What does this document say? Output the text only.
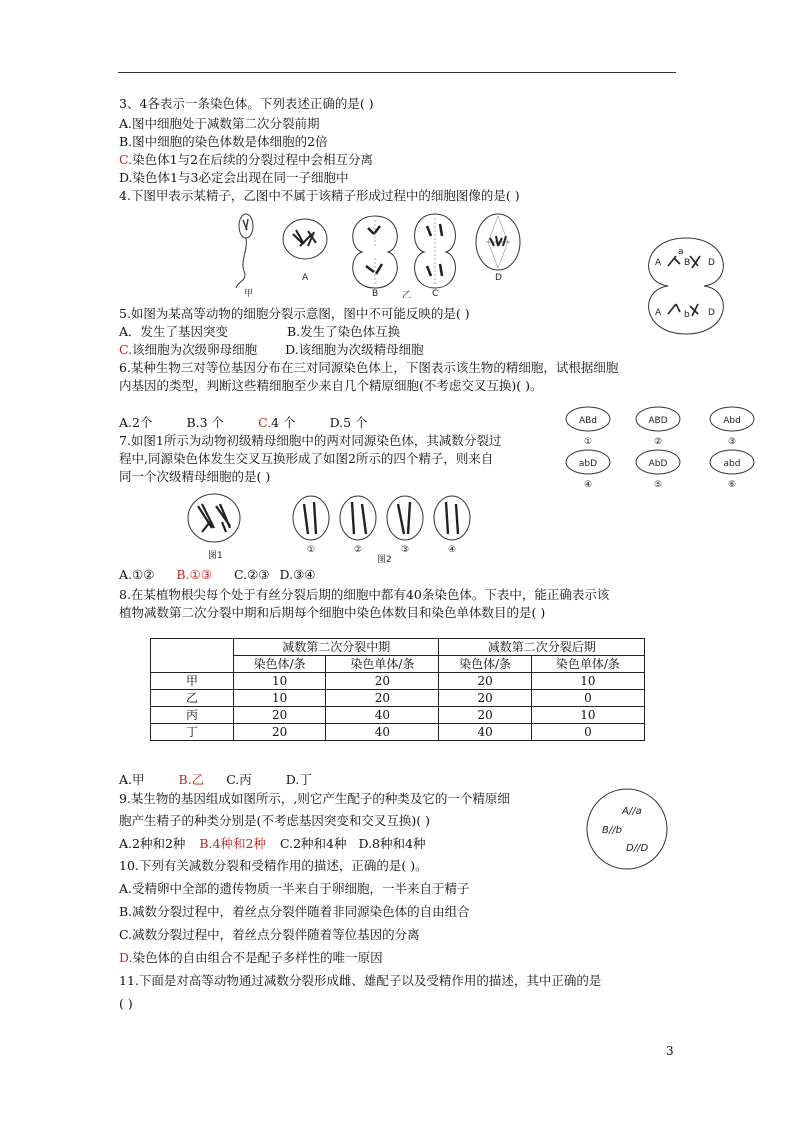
3、4各表示一条染色体。下列表述正确的是( )
A.图中细胞处于减数第二次分裂前期
B.图中细胞的染色体数是体细胞的2倍
C.染色体1与2在后续的分裂过程中会相互分离
D.染色体1与3必定会出现在同一子细胞中
4.下图甲表示某精子，乙图中不属于该精子形成过程中的细胞图像的是( )
甲
A
B	乙 C
D
A
a
B D
A	b D
5.如图为某高等动物的细胞分裂示意图，图中不可能反映的是( )
A．发生了基因突变	B.发生了染色体互换
C.该细胞为次级卵母细胞 D.该细胞为次级精母细胞
6.某种生物三对等位基因分布在三对同源染色体上，下图表示该生物的精细胞，试根据细胞
内基因的类型，判断这些精细胞至少来自几个精原细胞(不考虑交叉互换)( )。
A.2个	B.3 个	C.4 个	D.5 个	ABd
①
ABD
②
Abd
③
abD
④
AbD
⑤
abd
⑥
7.如图1所示为动物初级精母细胞中的两对同源染色体，其减数分裂过
程中,同源染色体发生交叉互换形成了如图2所示的四个精子，则来自
同一个次级精母细胞的是( )
图1
①	②
图2
③	④
A.①② B.①③ C.②③ D.③④
8.在某植物根尖每个处于有丝分裂后期的细胞中都有40条染色体。下表中，能正确表示该
植物减数第二次分裂中期和后期每个细胞中染色体数目和染色单体数目的是( )
	减数第二次分裂中期		减数第二次分裂后期	
	染色体/条	染色单体/条	染色体/条	染色单体/条
甲	10	20	20	10
乙	10	20	20	0
丙	20	40	20	10
丁	20	40	40	0
A.甲	B.乙 C.丙	D.丁
9.某生物的基因组成如图所示，,则它产生配子的种类及它的一个精原细
胞产生精子的种类分别是(不考虑基因突变和交叉互换)( )
A.2种和2种 B.4种和2种 C.2种和4种 D.8种和4种
A//a
B//b
D//D
10.下列有关减数分裂和受精作用的描述，正确的是( )。
A.受精卵中全部的遗传物质一半来自于卵细胞，一半来自于精子
B.减数分裂过程中，着丝点分裂伴随着非同源染色体的自由组合
C.减数分裂过程中，着丝点分裂伴随着等位基因的分离
D.染色体的自由组合不是配子多样性的唯一原因
11.下面是对高等动物通过减数分裂形成雌、雄配子以及受精作用的描述，其中正确的是
( )
3
